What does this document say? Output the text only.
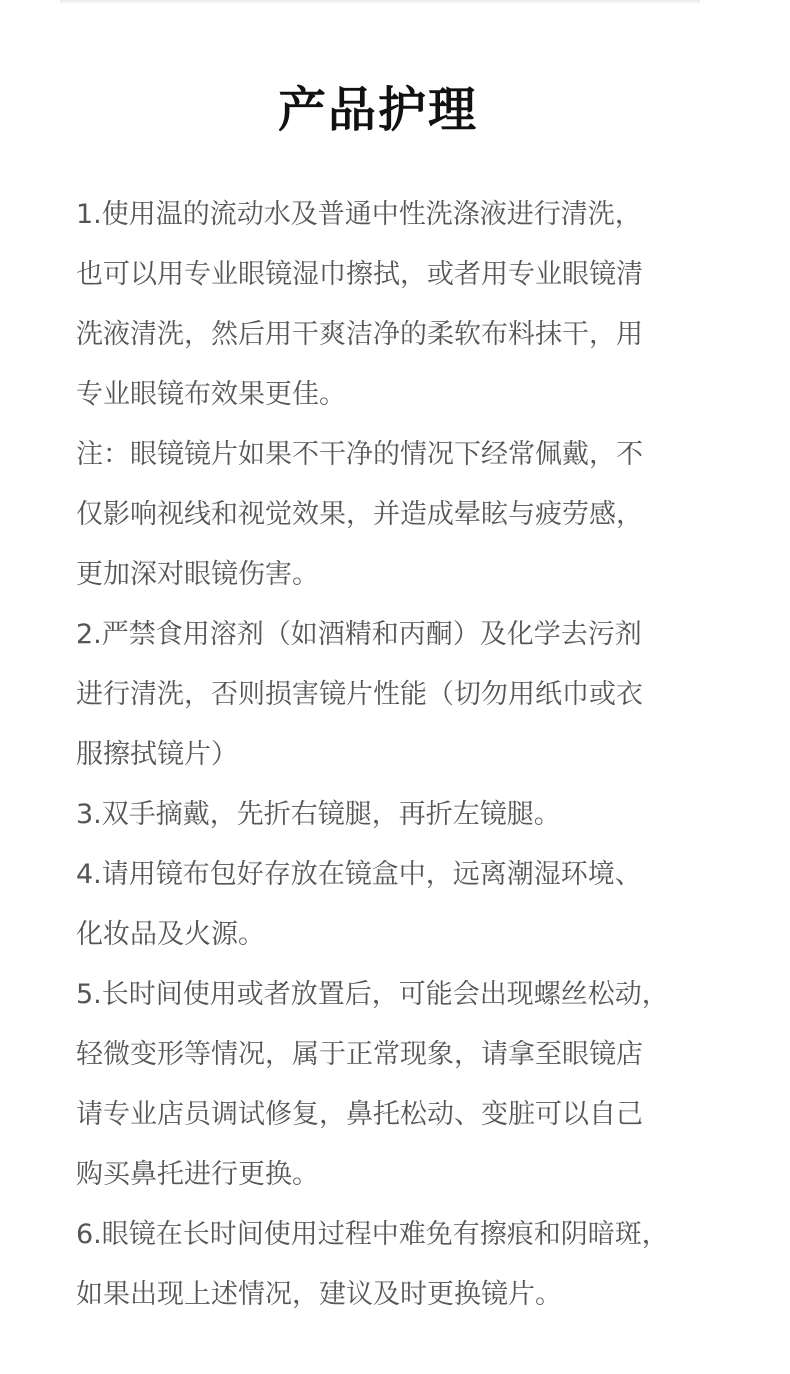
产品护理
1.使用温的流动水及普通中性洗涤液进行清洗，
也可以用专业眼镜湿巾擦拭，或者用专业眼镜清
洗液清洗，然后用干爽洁净的柔软布料抹干，用
专业眼镜布效果更佳。
注：眼镜镜片如果不干净的情况下经常佩戴，不
仅影响视线和视觉效果，并造成晕眩与疲劳感，
更加深对眼镜伤害。
2.严禁食用溶剂（如酒精和丙酮）及化学去污剂
进行清洗，否则损害镜片性能（切勿用纸巾或衣
服擦拭镜片）
3.双手摘戴，先折右镜腿，再折左镜腿。
4.请用镜布包好存放在镜盒中，远离潮湿环境、
化妆品及火源。
5.长时间使用或者放置后，可能会出现螺丝松动，
轻微变形等情况，属于正常现象，请拿至眼镜店
请专业店员调试修复，鼻托松动、变脏可以自己
购买鼻托进行更换。
6.眼镜在长时间使用过程中难免有擦痕和阴暗斑，
如果出现上述情况，建议及时更换镜片。
